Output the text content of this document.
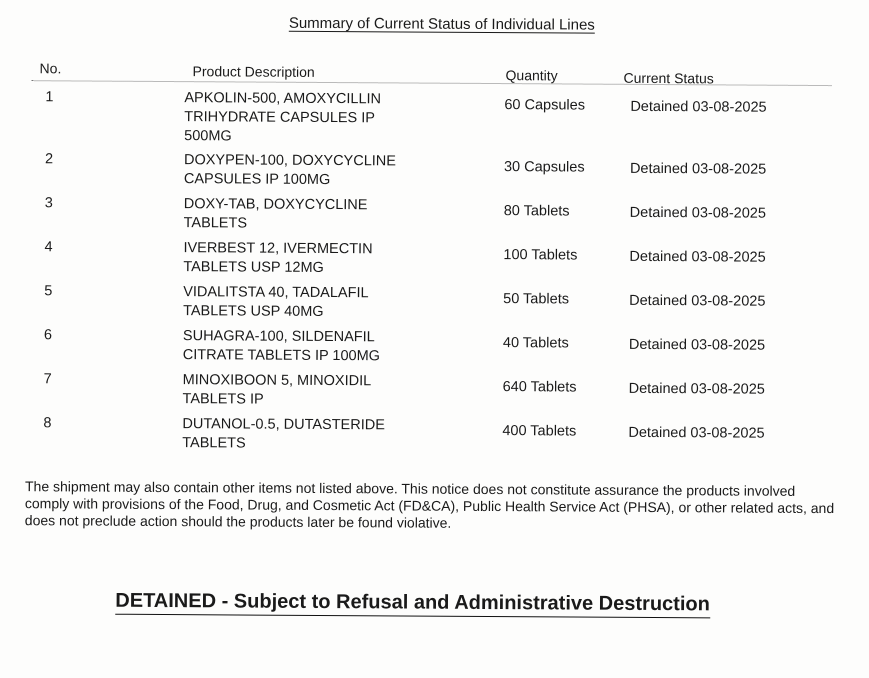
Summary of Current Status of Individual Lines
No.	Product Description	Quantity	Current Status
1	APKOLIN-500, AMOXYCILLIN
TRIHYDRATE CAPSULES IP
500MG
60 Capsules	Detained 03-08-2025
2	DOXYPEN-100, DOXYCYCLINE
CAPSULES IP 100MG
30 Capsules	Detained 03-08-2025
3	DOXY-TAB, DOXYCYCLINE
TABLETS
80 Tablets	Detained 03-08-2025
4	IVERBEST 12, IVERMECTIN
TABLETS USP 12MG
100 Tablets	Detained 03-08-2025
5	VIDALITSTA 40, TADALAFIL
TABLETS USP 40MG
50 Tablets	Detained 03-08-2025
6	SUHAGRA-100, SILDENAFIL
CITRATE TABLETS IP 100MG
40 Tablets	Detained 03-08-2025
7	MINOXIBOON 5, MINOXIDIL
TABLETS IP
640 Tablets	Detained 03-08-2025
8	DUTANOL-0.5, DUTASTERIDE
TABLETS
400 Tablets	Detained 03-08-2025
The shipment may also contain other items not listed above. This notice does not constitute assurance the products involved comply with provisions of the Food, Drug, and Cosmetic Act (FD&CA), Public Health Service Act (PHSA), or other related acts, and does not preclude action should the products later be found violative.
DETAINED - Subject to Refusal and Administrative Destruction
